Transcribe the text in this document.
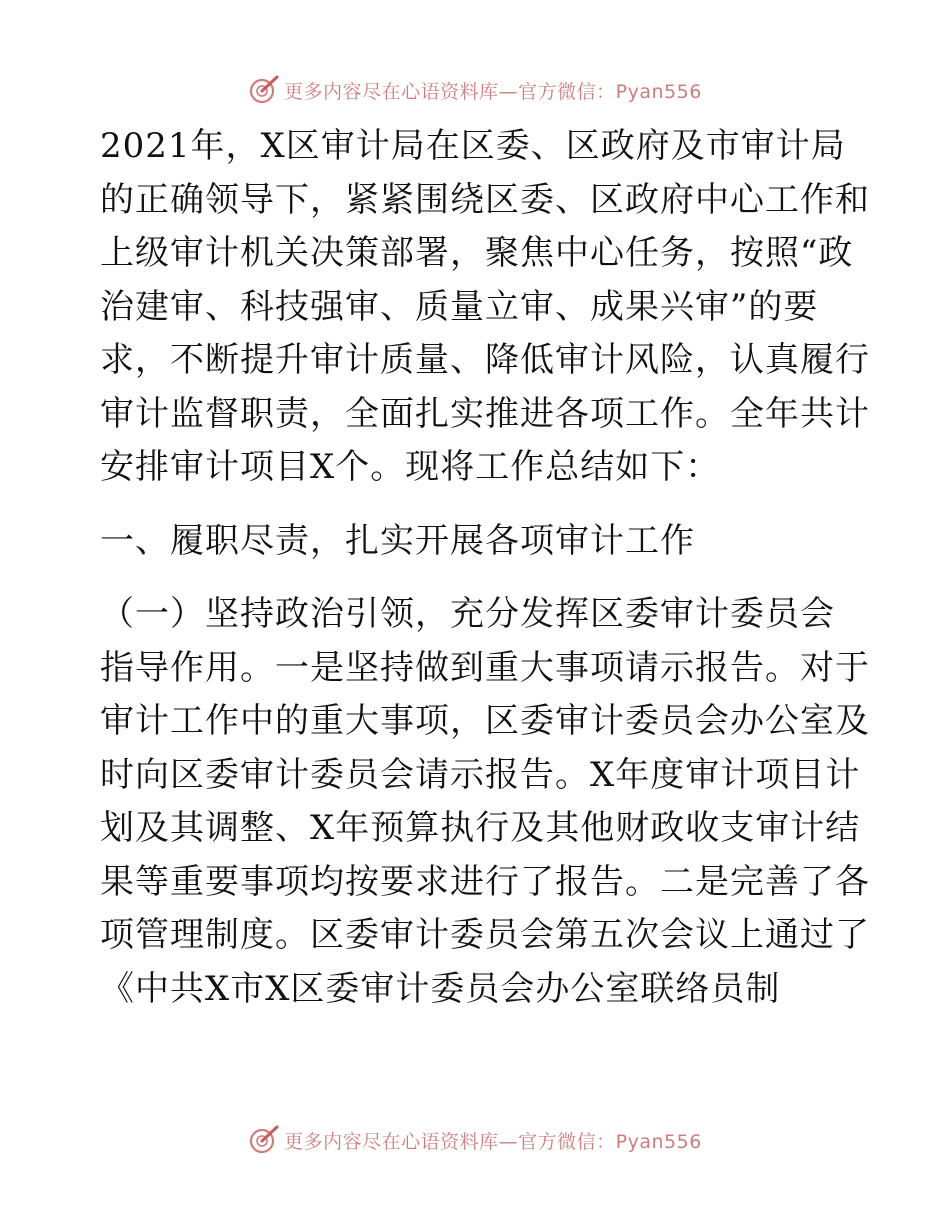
更多内容尽在心语资料库—官方微信：Pyan556
2021年，X区审计局在区委、区政府及市审计局
的正确领导下，紧紧围绕区委、区政府中心工作和
上级审计机关决策部署，聚焦中心任务，按照“政
治建审、科技强审、质量立审、成果兴审”的要
求，不断提升审计质量、降低审计风险，认真履行
审计监督职责，全面扎实推进各项工作。全年共计
安排审计项目X个。现将工作总结如下：
一、履职尽责，扎实开展各项审计工作
（一）坚持政治引领，充分发挥区委审计委员会
指导作用。一是坚持做到重大事项请示报告。对于
审计工作中的重大事项，区委审计委员会办公室及
时向区委审计委员会请示报告。X年度审计项目计
划及其调整、X年预算执行及其他财政收支审计结
果等重要事项均按要求进行了报告。二是完善了各
项管理制度。区委审计委员会第五次会议上通过了
《中共X市X区委审计委员会办公室联络员制
更多内容尽在心语资料库—官方微信：Pyan556
